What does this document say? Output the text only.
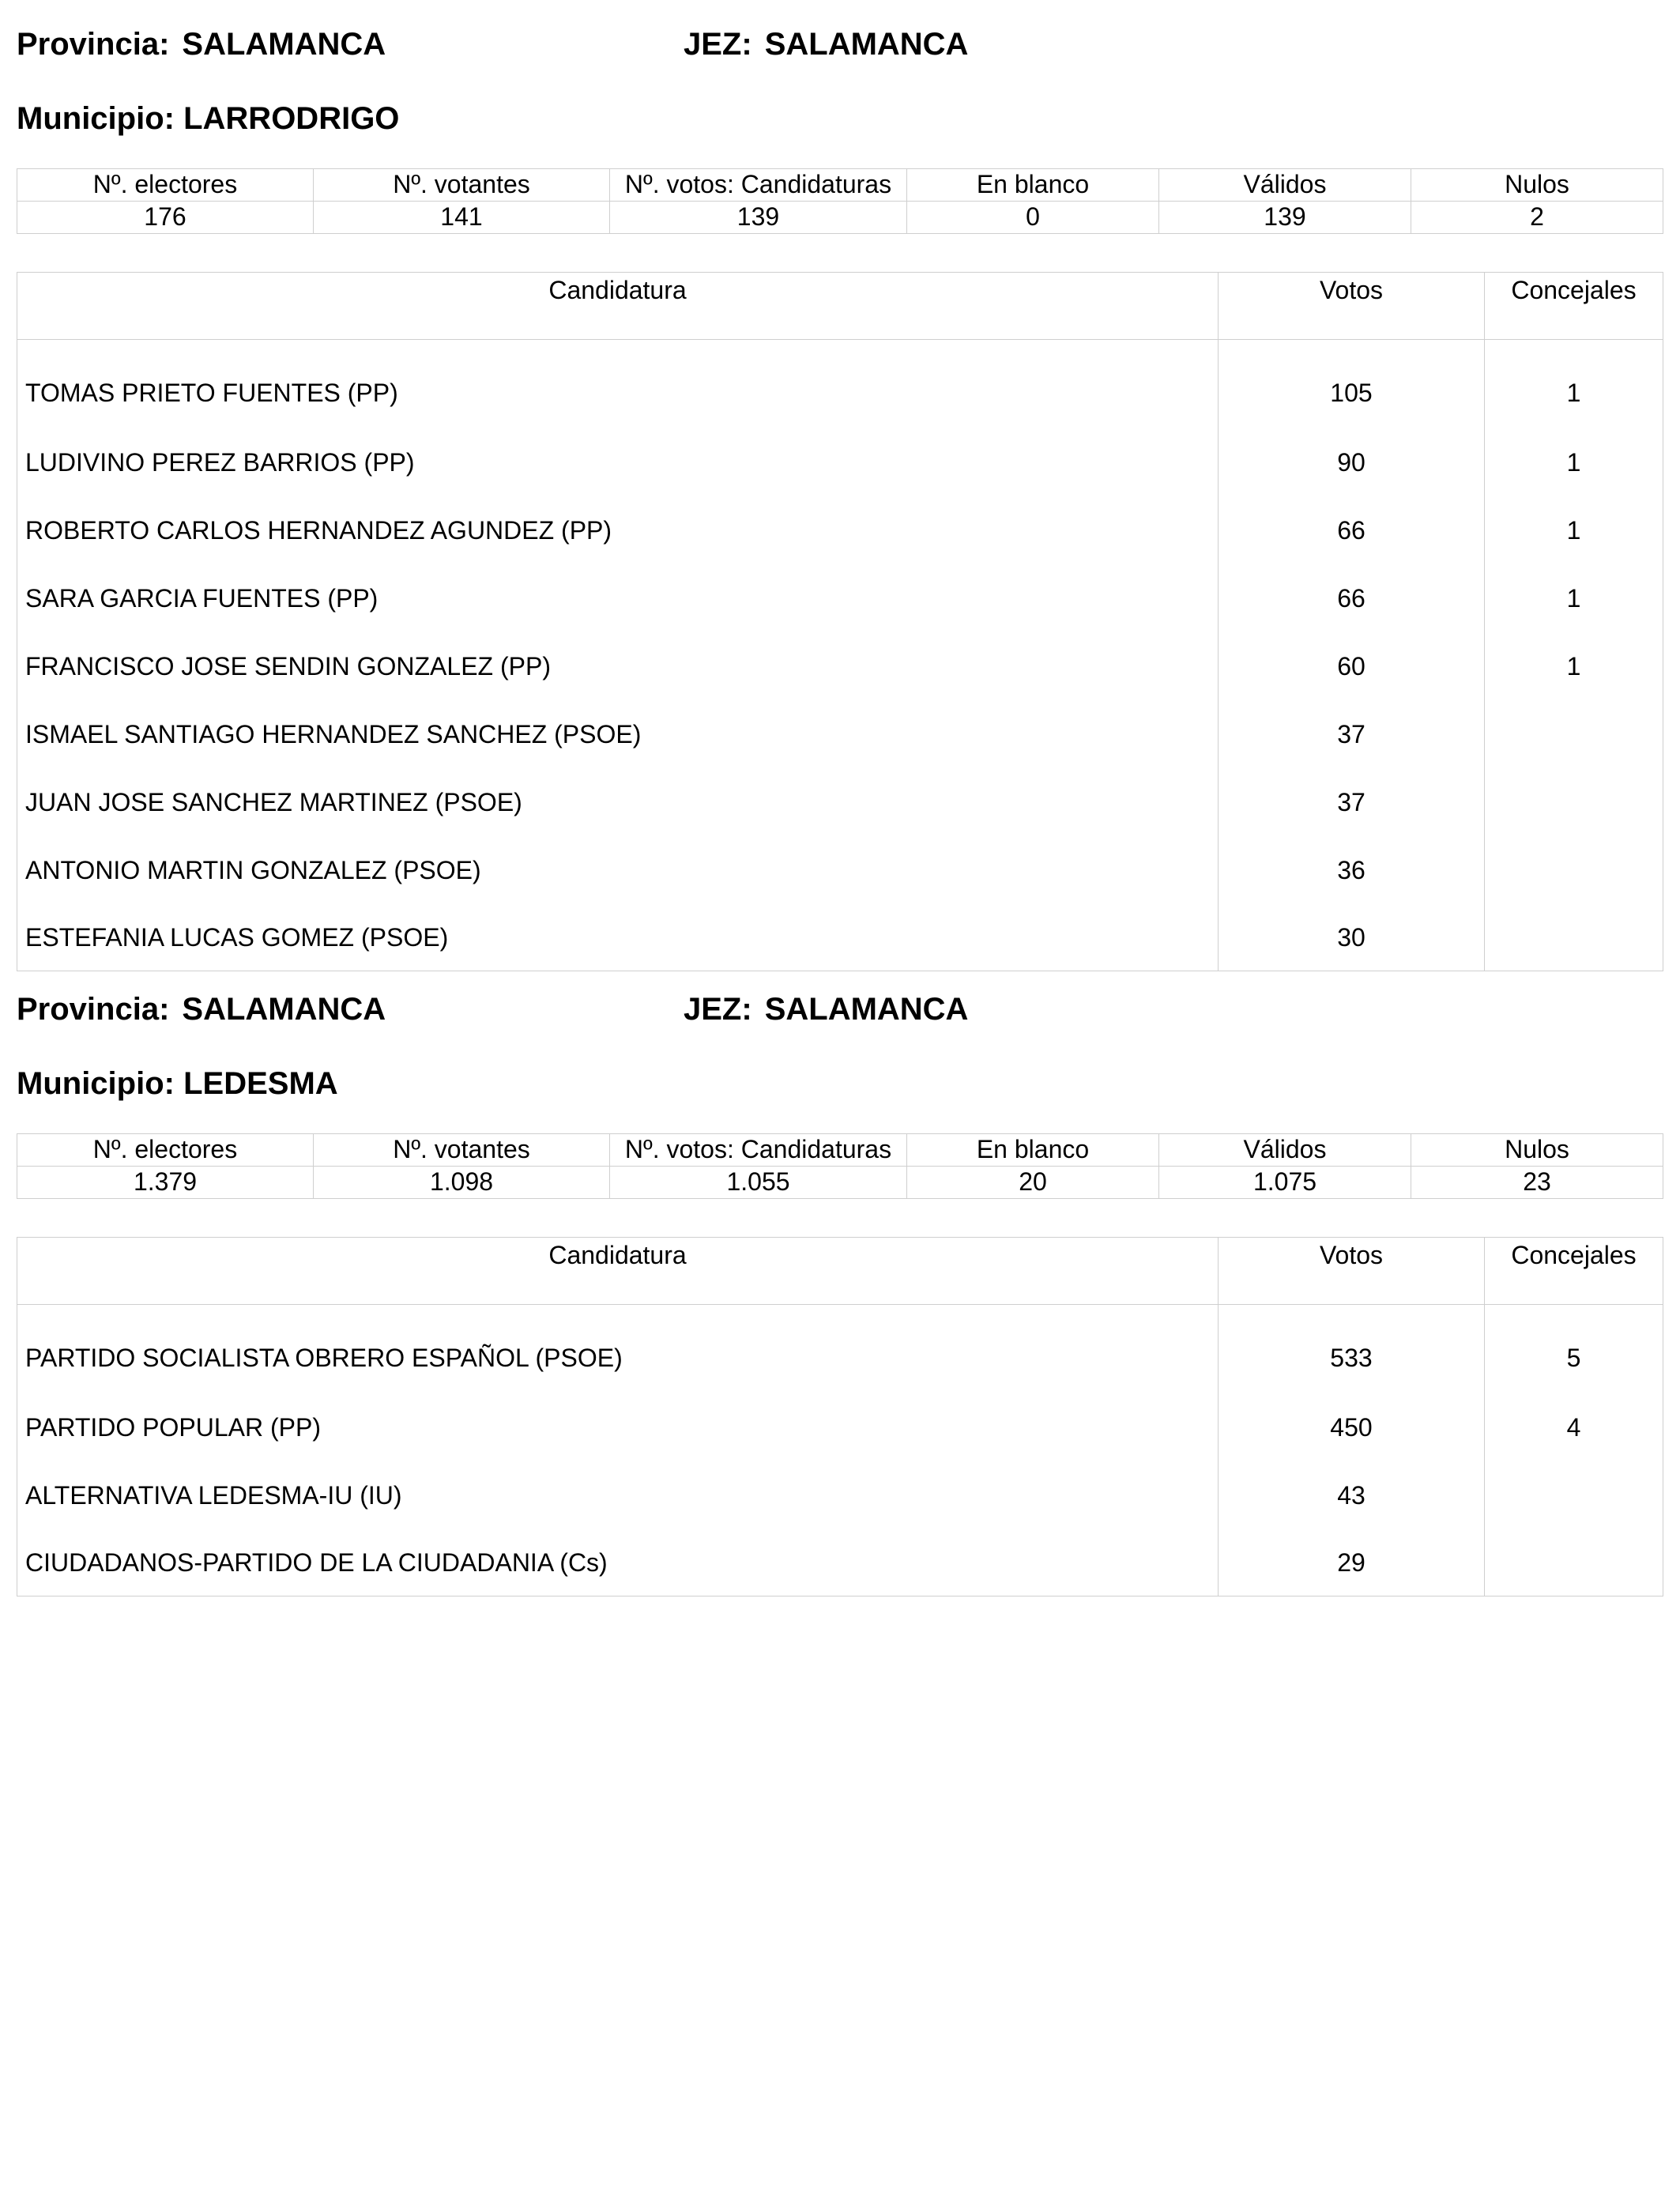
Provincia: SALAMANCA	JEZ: SALAMANCA
Municipio: LARRODRIGO
Nº. electores	Nº. votantes	Nº. votos: Candidaturas	En blanco	Válidos	Nulos
176	141	139	0	139	2
Candidatura	Votos	Concejales
TOMAS PRIETO FUENTES (PP)	105	1
LUDIVINO PEREZ BARRIOS (PP)	90	1
ROBERTO CARLOS HERNANDEZ AGUNDEZ (PP)	66	1
SARA GARCIA FUENTES (PP)	66	1
FRANCISCO JOSE SENDIN GONZALEZ (PP)	60	1
ISMAEL SANTIAGO HERNANDEZ SANCHEZ (PSOE)	37	
JUAN JOSE SANCHEZ MARTINEZ (PSOE)	37	
ANTONIO MARTIN GONZALEZ (PSOE)	36	
ESTEFANIA LUCAS GOMEZ (PSOE)	30	
Provincia: SALAMANCA	JEZ: SALAMANCA
Municipio: LEDESMA
Nº. electores	Nº. votantes	Nº. votos: Candidaturas	En blanco	Válidos	Nulos
1.379	1.098	1.055	20	1.075	23
Candidatura	Votos	Concejales
PARTIDO SOCIALISTA OBRERO ESPAÑOL (PSOE)	533	5
PARTIDO POPULAR (PP)	450	4
ALTERNATIVA LEDESMA-IU (IU)	43	
CIUDADANOS-PARTIDO DE LA CIUDADANIA (Cs)	29	
